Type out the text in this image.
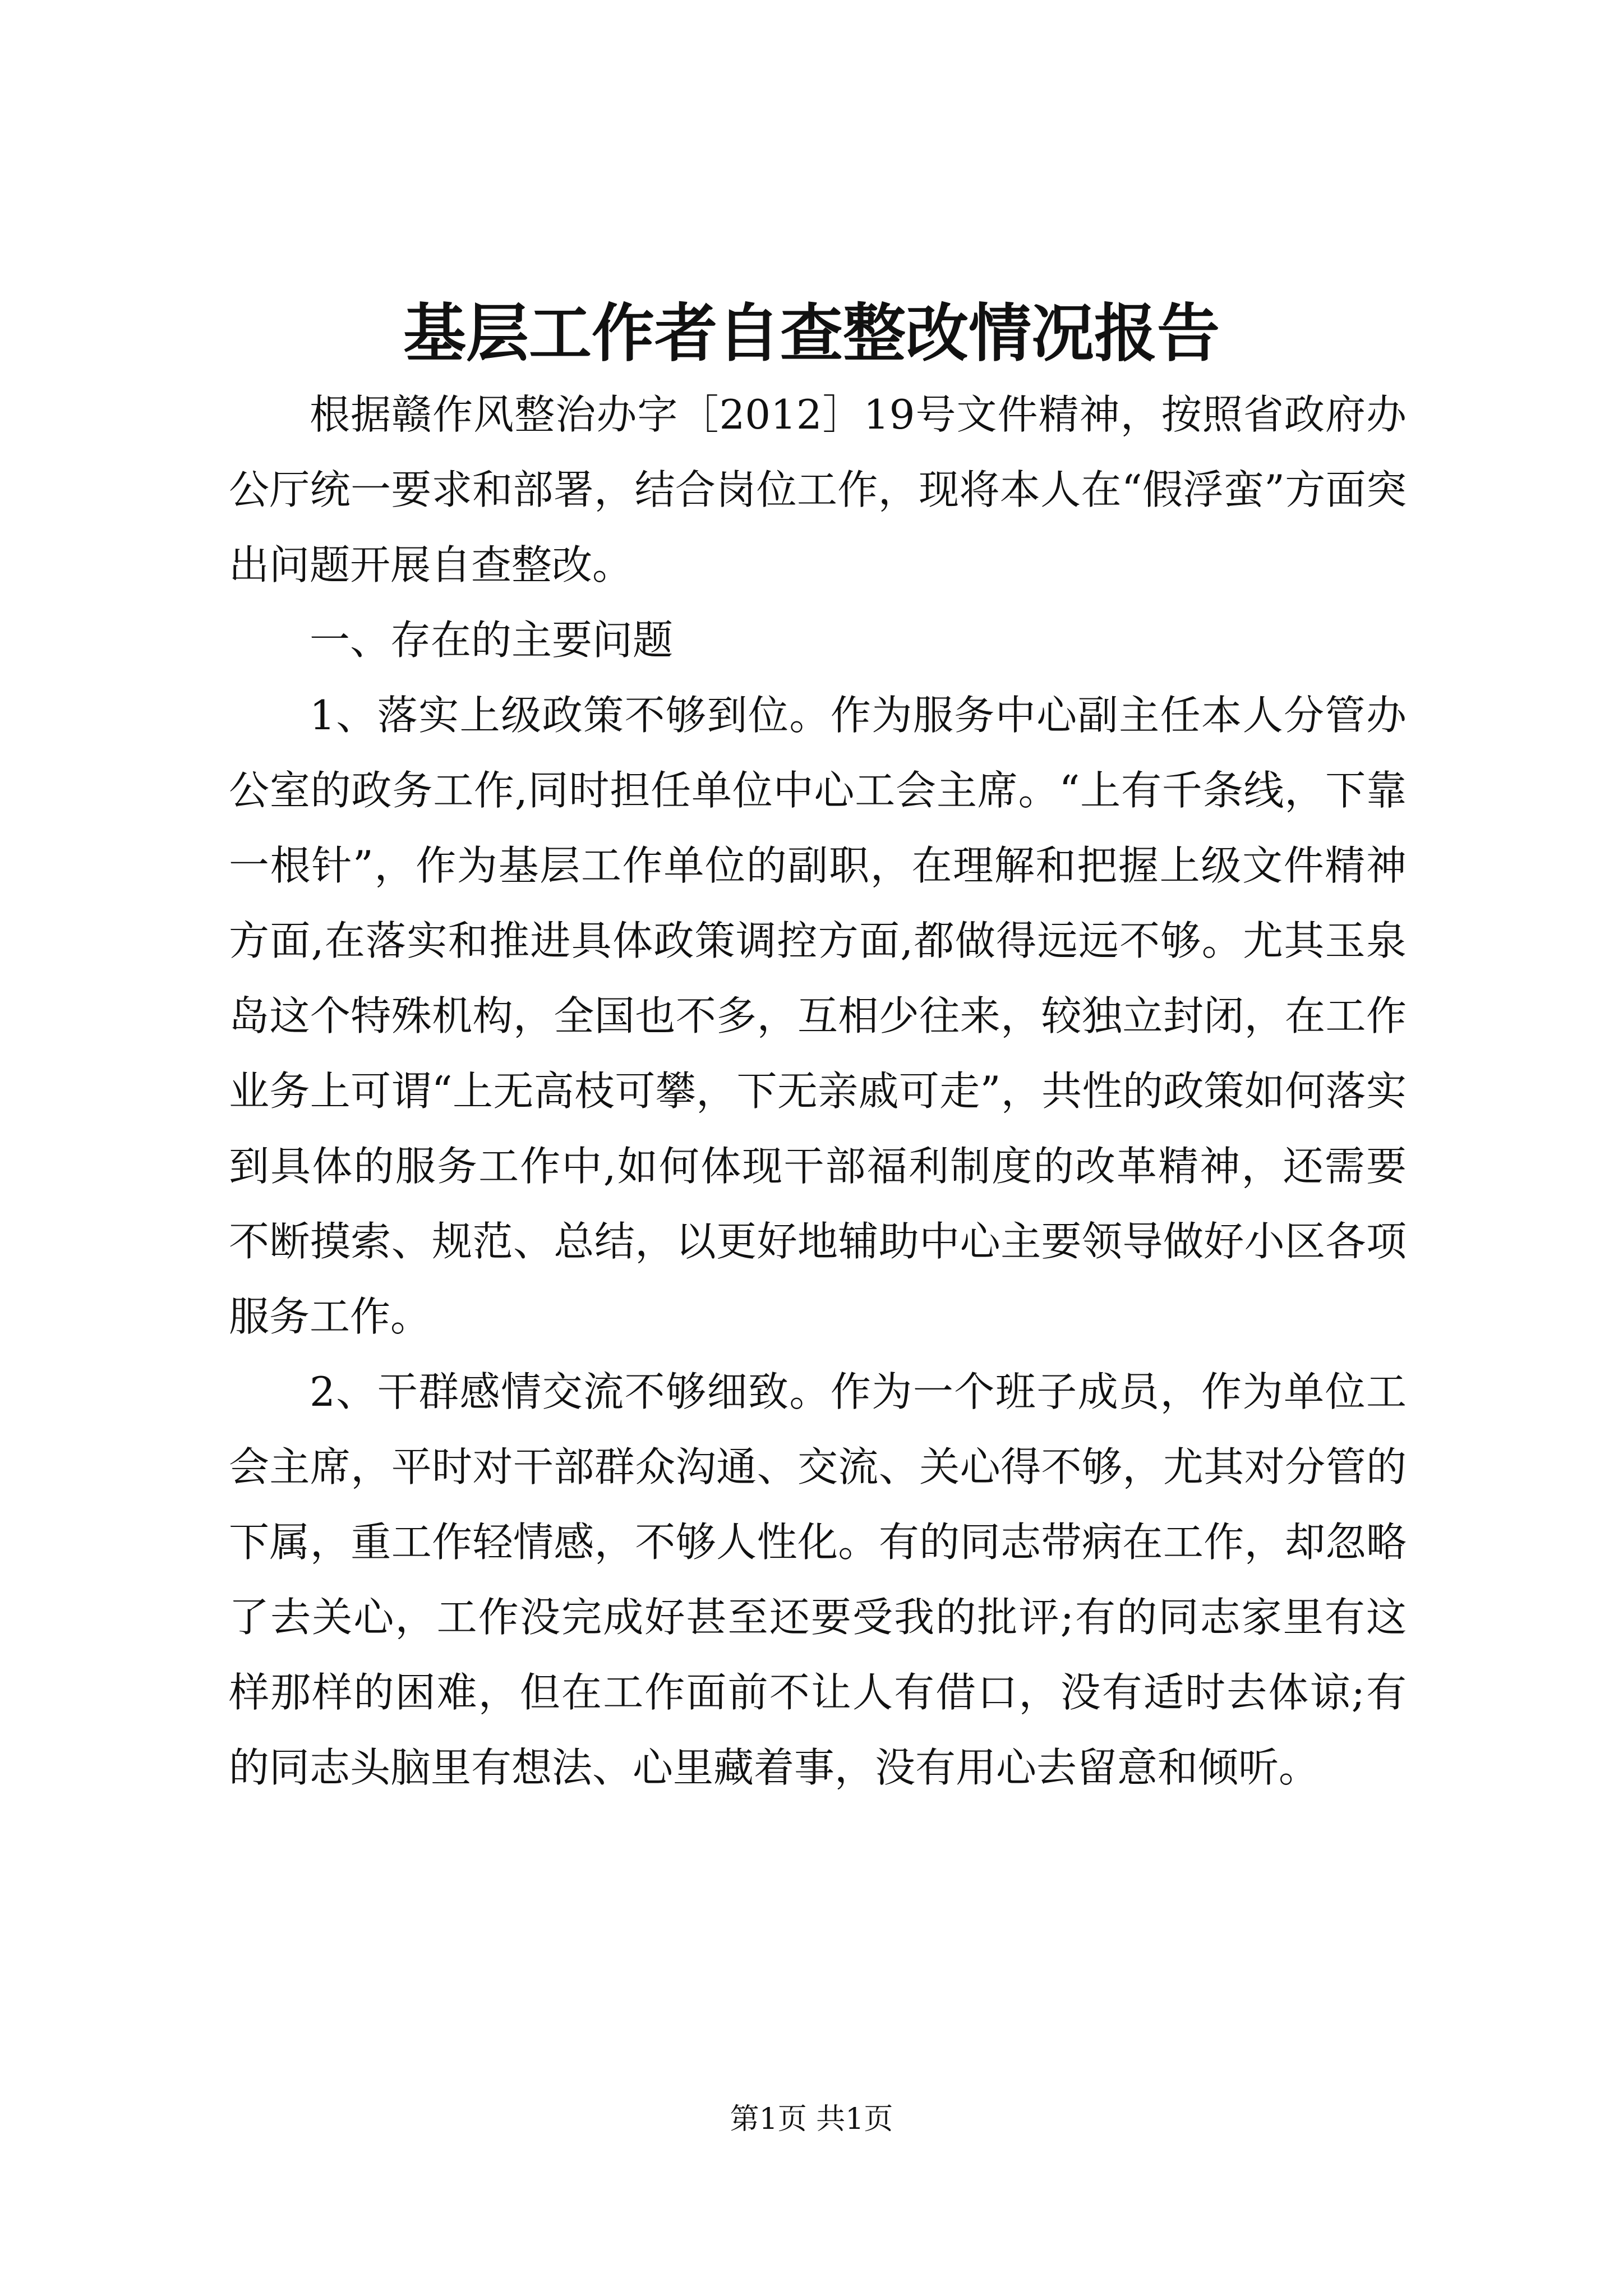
基层工作者自查整改情况报告

根据赣作风整治办字［2012］19号文件精神，按照省政府办公厅统一要求和部署，结合岗位工作，现将本人在“假浮蛮”方面突出问题开展自查整改。

一、存在的主要问题

1、落实上级政策不够到位。作为服务中心副主任本人分管办公室的政务工作,同时担任单位中心工会主席。“上有千条线，下靠一根针”，作为基层工作单位的副职，在理解和把握上级文件精神方面,在落实和推进具体政策调控方面,都做得远远不够。尤其玉泉岛这个特殊机构，全国也不多，互相少往来，较独立封闭，在工作业务上可谓“上无高枝可攀，下无亲戚可走”，共性的政策如何落实到具体的服务工作中,如何体现干部福利制度的改革精神，还需要不断摸索、规范、总结，以更好地辅助中心主要领导做好小区各项服务工作。

2、干群感情交流不够细致。作为一个班子成员，作为单位工会主席，平时对干部群众沟通、交流、关心得不够，尤其对分管的下属，重工作轻情感，不够人性化。有的同志带病在工作，却忽略了去关心，工作没完成好甚至还要受我的批评;有的同志家里有这样那样的困难，但在工作面前不让人有借口，没有适时去体谅;有的同志头脑里有想法、心里藏着事，没有用心去留意和倾听。

第1页 共1页
